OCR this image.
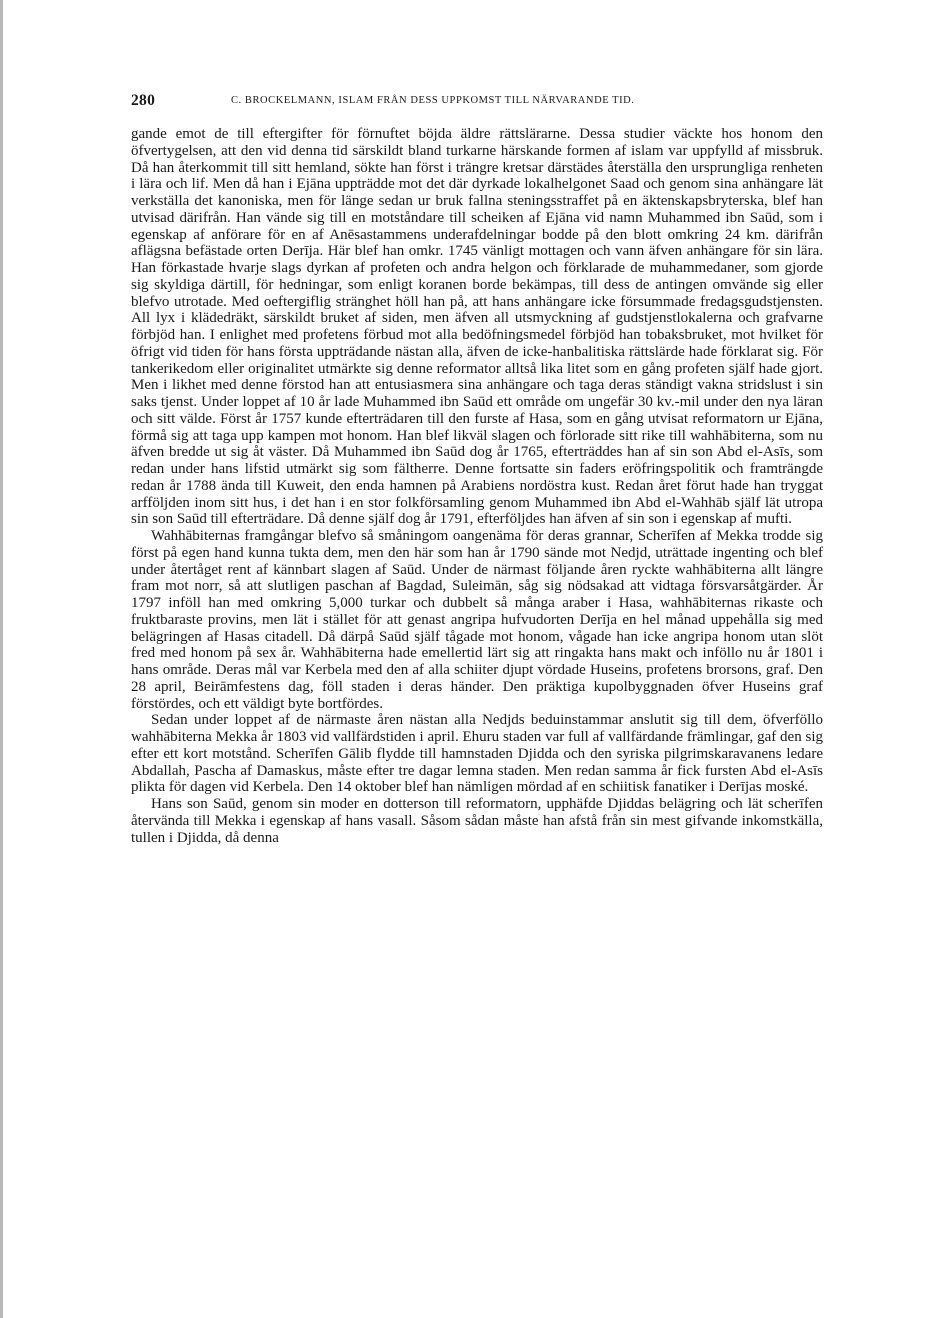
280	C. BROCKELMANN, ISLAM FRÅN DESS UPPKOMST TILL NÄRVARANDE TID.

gande emot de till eftergifter för förnuftet böjda äldre rättslärarne. Dessa studier väckte hos honom den öfvertygelsen, att den vid denna tid särskildt bland turkarne härskande formen af islam var uppfylld af missbruk. Då han återkommit till sitt hemland, sökte han först i trängre kretsar därstädes återställa den ursprungliga renheten i lära och lif. Men då han i Ejāna uppträdde mot det där dyrkade lokalhelgonet Saad och genom sina anhängare lät verkställa det kanoniska, men för länge sedan ur bruk fallna steningsstraffet på en äktenskapsbryterska, blef han utvisad därifrån. Han vände sig till en motståndare till scheiken af Ejāna vid namn Muhammed ibn Saūd, som i egenskap af anförare för en af Anēsastammens underafdelningar bodde på den blott omkring 24 km. därifrån aflägsna befästade orten Derīja. Här blef han omkr. 1745 vänligt mottagen och vann äfven anhängare för sin lära. Han förkastade hvarje slags dyrkan af profeten och andra helgon och förklarade de muhammedaner, som gjorde sig skyldiga därtill, för hedningar, som enligt koranen borde bekämpas, till dess de antingen omvände sig eller blefvo utrotade. Med oeftergiflig stränghet höll han på, att hans anhängare icke försummade fredagsgudstjensten. All lyx i klädedräkt, särskildt bruket af siden, men äfven all utsmyckning af gudstjenstlokalerna och grafvarne förbjöd han. I enlighet med profetens förbud mot alla bedöfningsmedel förbjöd han tobaksbruket, mot hvilket för öfrigt vid tiden för hans första uppträdande nästan alla, äfven de icke-hanbalitiska rättslärde hade förklarat sig. För tankerikedom eller originalitet utmärkte sig denne reformator alltså lika litet som en gång profeten själf hade gjort. Men i likhet med denne förstod han att entusiasmera sina anhängare och taga deras ständigt vakna stridslust i sin saks tjenst. Under loppet af 10 år lade Muhammed ibn Saūd ett område om ungefär 30 kv.-mil under den nya läran och sitt välde. Först år 1757 kunde efterträdaren till den furste af Hasa, som en gång utvisat reformatorn ur Ejāna, förmå sig att taga upp kampen mot honom. Han blef likväl slagen och förlorade sitt rike till wahhābiterna, som nu äfven bredde ut sig åt väster. Då Muhammed ibn Saūd dog år 1765, efterträddes han af sin son Abd el-Asīs, som redan under hans lifstid utmärkt sig som fältherre. Denne fortsatte sin faders eröfringspolitik och framträngde redan år 1788 ända till Kuweit, den enda hamnen på Arabiens nordöstra kust. Redan året förut hade han tryggat arfföljden inom sitt hus, i det han i en stor folkförsamling genom Muhammed ibn Abd el-Wahhāb själf lät utropa sin son Saūd till efterträdare. Då denne själf dog år 1791, efterföljdes han äfven af sin son i egenskap af mufti.

Wahhābiternas framgångar blefvo så småningom oangenäma för deras grannar, Scherīfen af Mekka trodde sig först på egen hand kunna tukta dem, men den här som han år 1790 sände mot Nedjd, uträttade ingenting och blef under återtåget rent af kännbart slagen af Saūd. Under de närmast följande åren ryckte wahhābiterna allt längre fram mot norr, så att slutligen paschan af Bagdad, Suleimān, såg sig nödsakad att vidtaga försvarsåtgärder. År 1797 inföll han med omkring 5,000 turkar och dubbelt så många araber i Hasa, wahhābiternas rikaste och fruktbaraste provins, men lät i stället för att genast angripa hufvudorten Derīja en hel månad uppehålla sig med belägringen af Hasas citadell. Då därpå Saūd själf tågade mot honom, vågade han icke angripa honom utan slöt fred med honom på sex år. Wahhābiterna hade emellertid lärt sig att ringakta hans makt och inföllo nu år 1801 i hans område. Deras mål var Kerbela med den af alla schiiter djupt vördade Huseins, profetens brorsons, graf. Den 28 april, Beirāmfestens dag, föll staden i deras händer. Den präktiga kupolbyggnaden öfver Huseins graf förstördes, och ett väldigt byte bortfördes.

Sedan under loppet af de närmaste åren nästan alla Nedjds beduinstammar anslutit sig till dem, öfverföllo wahhābiterna Mekka år 1803 vid vallfärdstiden i april. Ehuru staden var full af vallfärdande främlingar, gaf den sig efter ett kort motstånd. Scherīfen Gālib flydde till hamnstaden Djidda och den syriska pilgrimskaravanens ledare Abdallah, Pascha af Damaskus, måste efter tre dagar lemna staden. Men redan samma år fick fursten Abd el-Asīs plikta för dagen vid Kerbela. Den 14 oktober blef han nämligen mördad af en schiitisk fanatiker i Derījas moské.

Hans son Saūd, genom sin moder en dotterson till reformatorn, upphäfde Djiddas belägring och lät scherīfen återvända till Mekka i egenskap af hans vasall. Såsom sådan måste han afstå från sin mest gifvande inkomstkälla, tullen i Djidda, då denna
